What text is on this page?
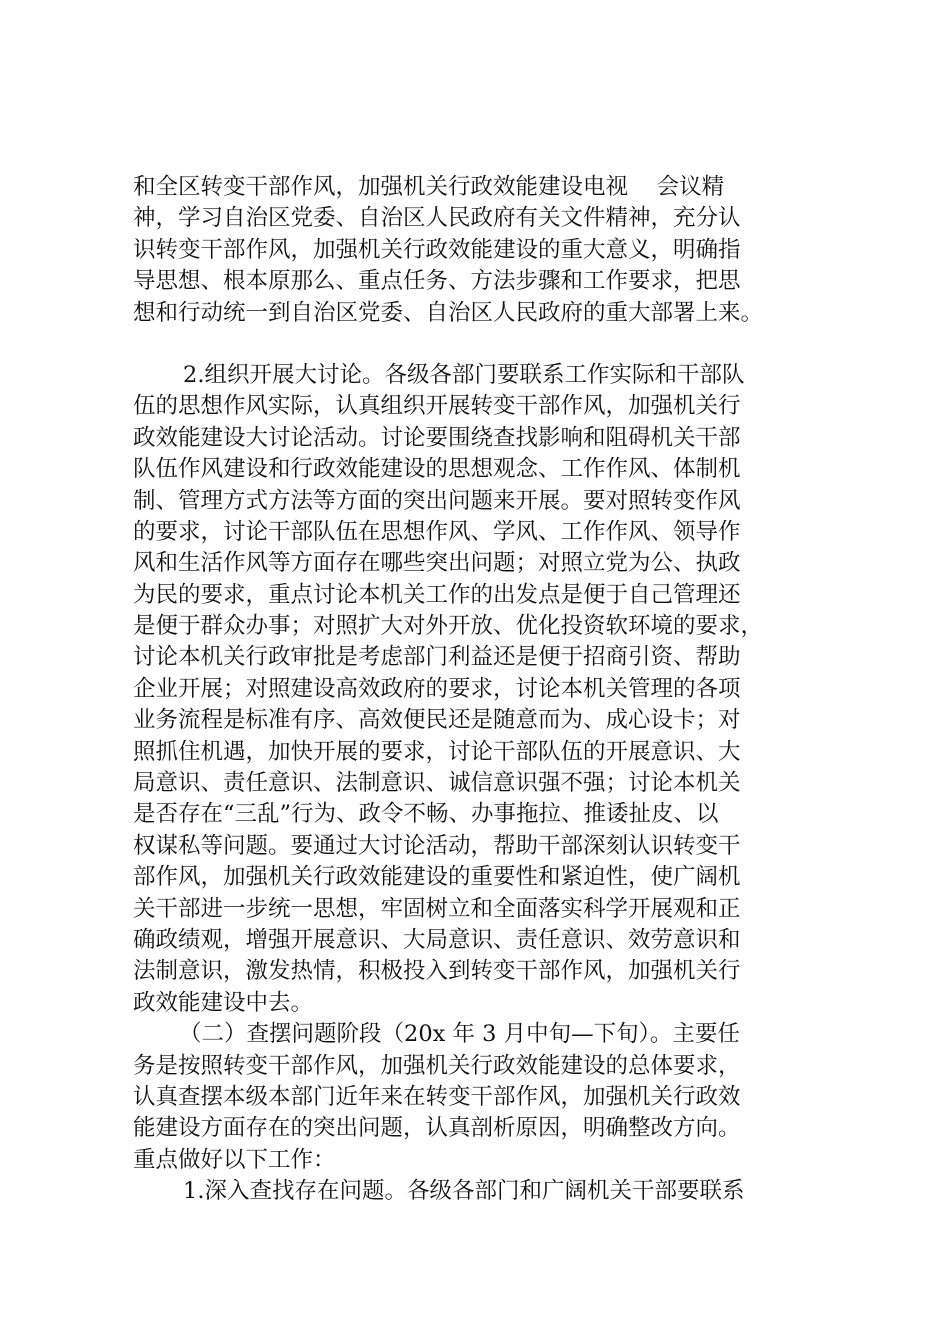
和全区转变干部作风，加强机关行政效能建设电视    会议精
神，学习自治区党委、自治区人民政府有关文件精神，充分认
识转变干部作风，加强机关行政效能建设的重大意义，明确指
导思想、根本原那么、重点任务、方法步骤和工作要求，把思
想和行动统一到自治区党委、自治区人民政府的重大部署上来。
2.组织开展大讨论。各级各部门要联系工作实际和干部队
伍的思想作风实际，认真组织开展转变干部作风，加强机关行
政效能建设大讨论活动。讨论要围绕查找影响和阻碍机关干部
队伍作风建设和行政效能建设的思想观念、工作作风、体制机
制、管理方式方法等方面的突出问题来开展。要对照转变作风
的要求，讨论干部队伍在思想作风、学风、工作作风、领导作
风和生活作风等方面存在哪些突出问题；对照立党为公、执政
为民的要求，重点讨论本机关工作的出发点是便于自己管理还
是便于群众办事；对照扩大对外开放、优化投资软环境的要求，
讨论本机关行政审批是考虑部门利益还是便于招商引资、帮助
企业开展；对照建设高效政府的要求，讨论本机关管理的各项
业务流程是标准有序、高效便民还是随意而为、成心设卡；对
照抓住机遇，加快开展的要求，讨论干部队伍的开展意识、大
局意识、责任意识、法制意识、诚信意识强不强；讨论本机关
是否存在“三乱”行为、政令不畅、办事拖拉、推诿扯皮、以
权谋私等问题。要通过大讨论活动，帮助干部深刻认识转变干
部作风，加强机关行政效能建设的重要性和紧迫性，使广阔机
关干部进一步统一思想，牢固树立和全面落实科学开展观和正
确政绩观，增强开展意识、大局意识、责任意识、效劳意识和
法制意识，激发热情，积极投入到转变干部作风，加强机关行
政效能建设中去。
（二）查摆问题阶段（20x 年 3 月中旬—下旬）。主要任
务是按照转变干部作风，加强机关行政效能建设的总体要求，
认真查摆本级本部门近年来在转变干部作风，加强机关行政效
能建设方面存在的突出问题，认真剖析原因，明确整改方向。
重点做好以下工作：
1.深入查找存在问题。各级各部门和广阔机关干部要联系
